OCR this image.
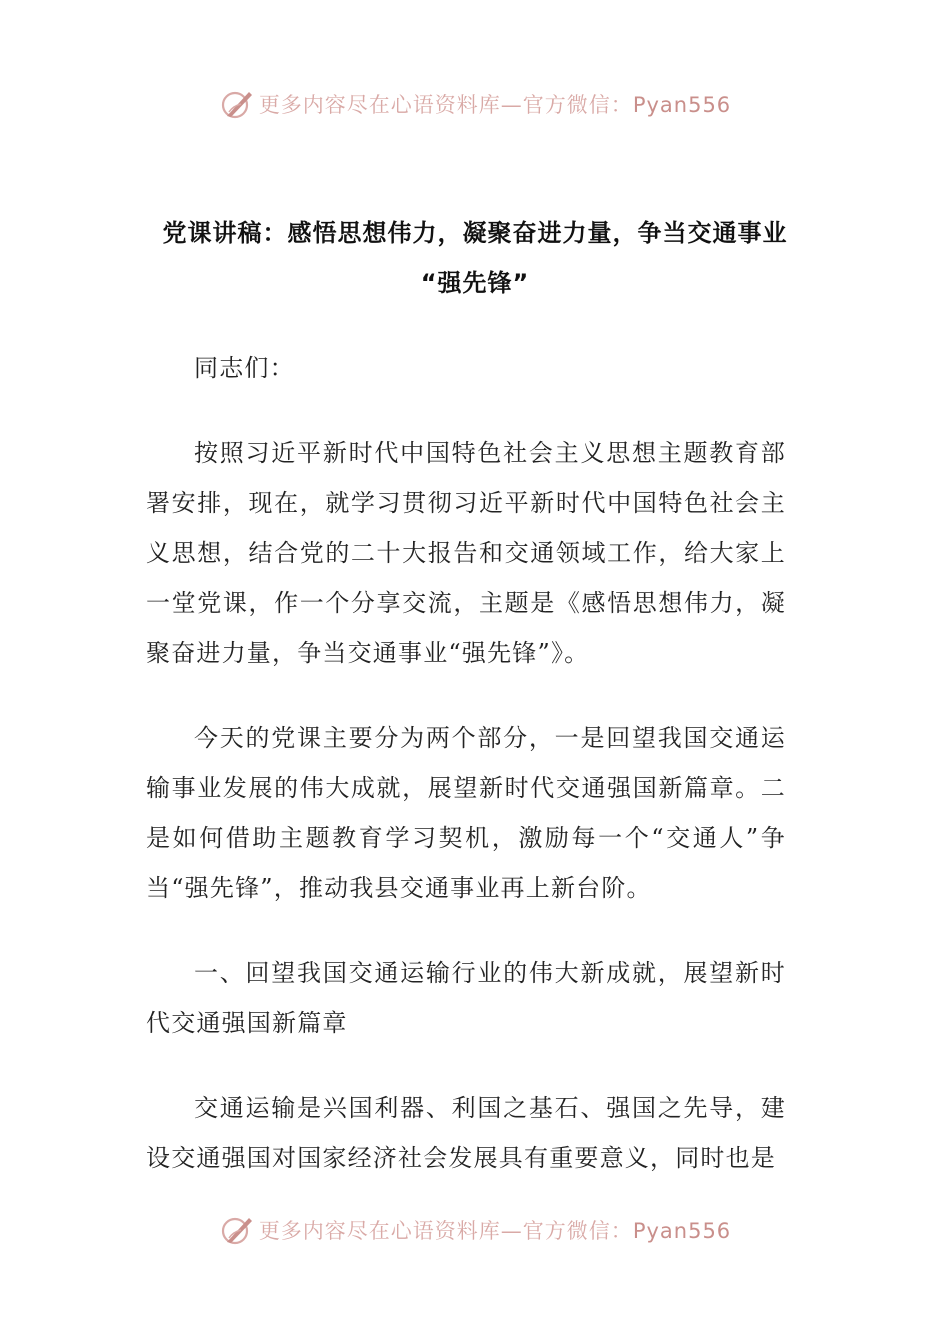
更多内容尽在心语资料库—官方微信：Pyan556
党课讲稿：感悟思想伟力，凝聚奋进力量，争当交通事业
“强先锋”

同志们：

按照习近平新时代中国特色社会主义思想主题教育部署安排，现在，就学习贯彻习近平新时代中国特色社会主义思想，结合党的二十大报告和交通领域工作，给大家上一堂党课，作一个分享交流，主题是《感悟思想伟力，凝聚奋进力量，争当交通事业“强先锋”》。

今天的党课主要分为两个部分，一是回望我国交通运输事业发展的伟大成就，展望新时代交通强国新篇章。二是如何借助主题教育学习契机，激励每一个“交通人”争当“强先锋”，推动我县交通事业再上新台阶。

一、回望我国交通运输行业的伟大新成就，展望新时代交通强国新篇章

交通运输是兴国利器、利国之基石、强国之先导，建设交通强国对国家经济社会发展具有重要意义，同时也是

更多内容尽在心语资料库—官方微信：Pyan556
